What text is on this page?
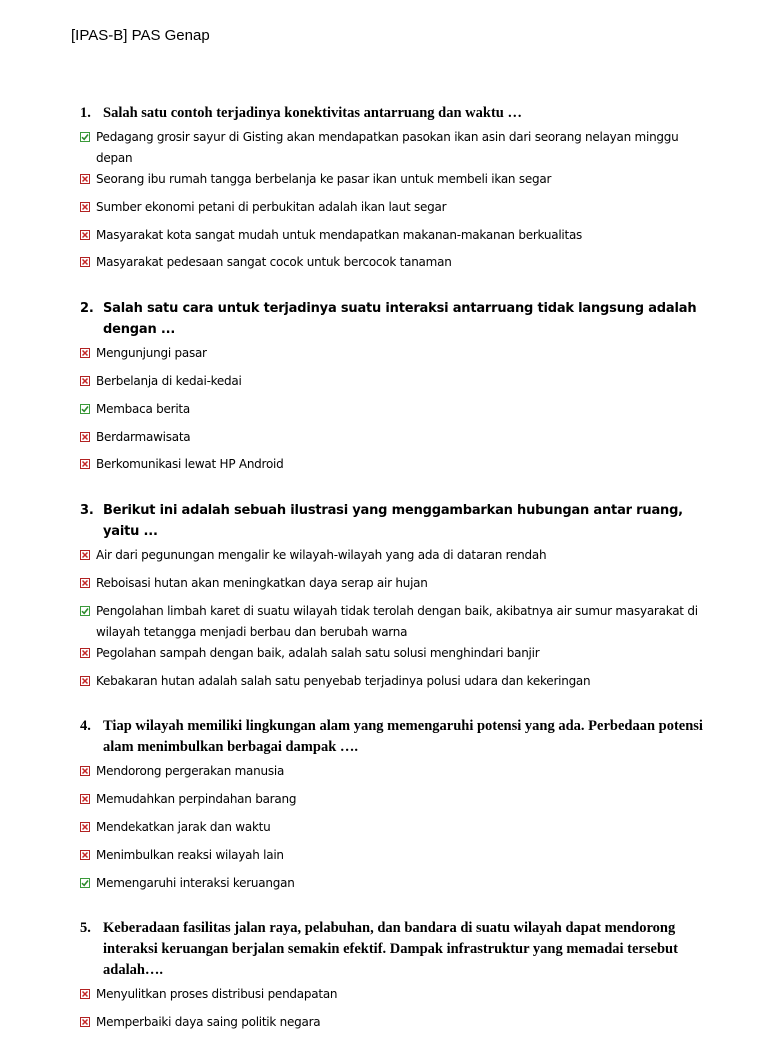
[IPAS-B] PAS Genap
1. Salah satu contoh terjadinya konektivitas antarruang dan waktu …
Pedagang grosir sayur di Gisting akan mendapatkan pasokan ikan asin dari seorang nelayan minggu depan
Seorang ibu rumah tangga berbelanja ke pasar ikan untuk membeli ikan segar
Sumber ekonomi petani di perbukitan adalah ikan laut segar
Masyarakat kota sangat mudah untuk mendapatkan makanan-makanan berkualitas
Masyarakat pedesaan sangat cocok untuk bercocok tanaman
2. Salah satu cara untuk terjadinya suatu interaksi antarruang tidak langsung adalah dengan ...
Mengunjungi pasar
Berbelanja di kedai-kedai
Membaca berita
Berdarmawisata
Berkomunikasi lewat HP Android
3. Berikut ini adalah sebuah ilustrasi yang menggambarkan hubungan antar ruang, yaitu ...
Air dari pegunungan mengalir ke wilayah-wilayah yang ada di dataran rendah
Reboisasi hutan akan meningkatkan daya serap air hujan
Pengolahan limbah karet di suatu wilayah tidak terolah dengan baik, akibatnya air sumur masyarakat di wilayah tetangga menjadi berbau dan berubah warna
Pegolahan sampah dengan baik, adalah salah satu solusi menghindari banjir
Kebakaran hutan adalah salah satu penyebab terjadinya polusi udara dan kekeringan
4. Tiap wilayah memiliki lingkungan alam yang memengaruhi potensi yang ada. Perbedaan potensi alam menimbulkan berbagai dampak ….
Mendorong pergerakan manusia
Memudahkan perpindahan barang
Mendekatkan jarak dan waktu
Menimbulkan reaksi wilayah lain
Memengaruhi interaksi keruangan
5. Keberadaan fasilitas jalan raya, pelabuhan, dan bandara di suatu wilayah dapat mendorong interaksi keruangan berjalan semakin efektif. Dampak infrastruktur yang memadai tersebut adalah….
Menyulitkan proses distribusi pendapatan
Memperbaiki daya saing politik negara
